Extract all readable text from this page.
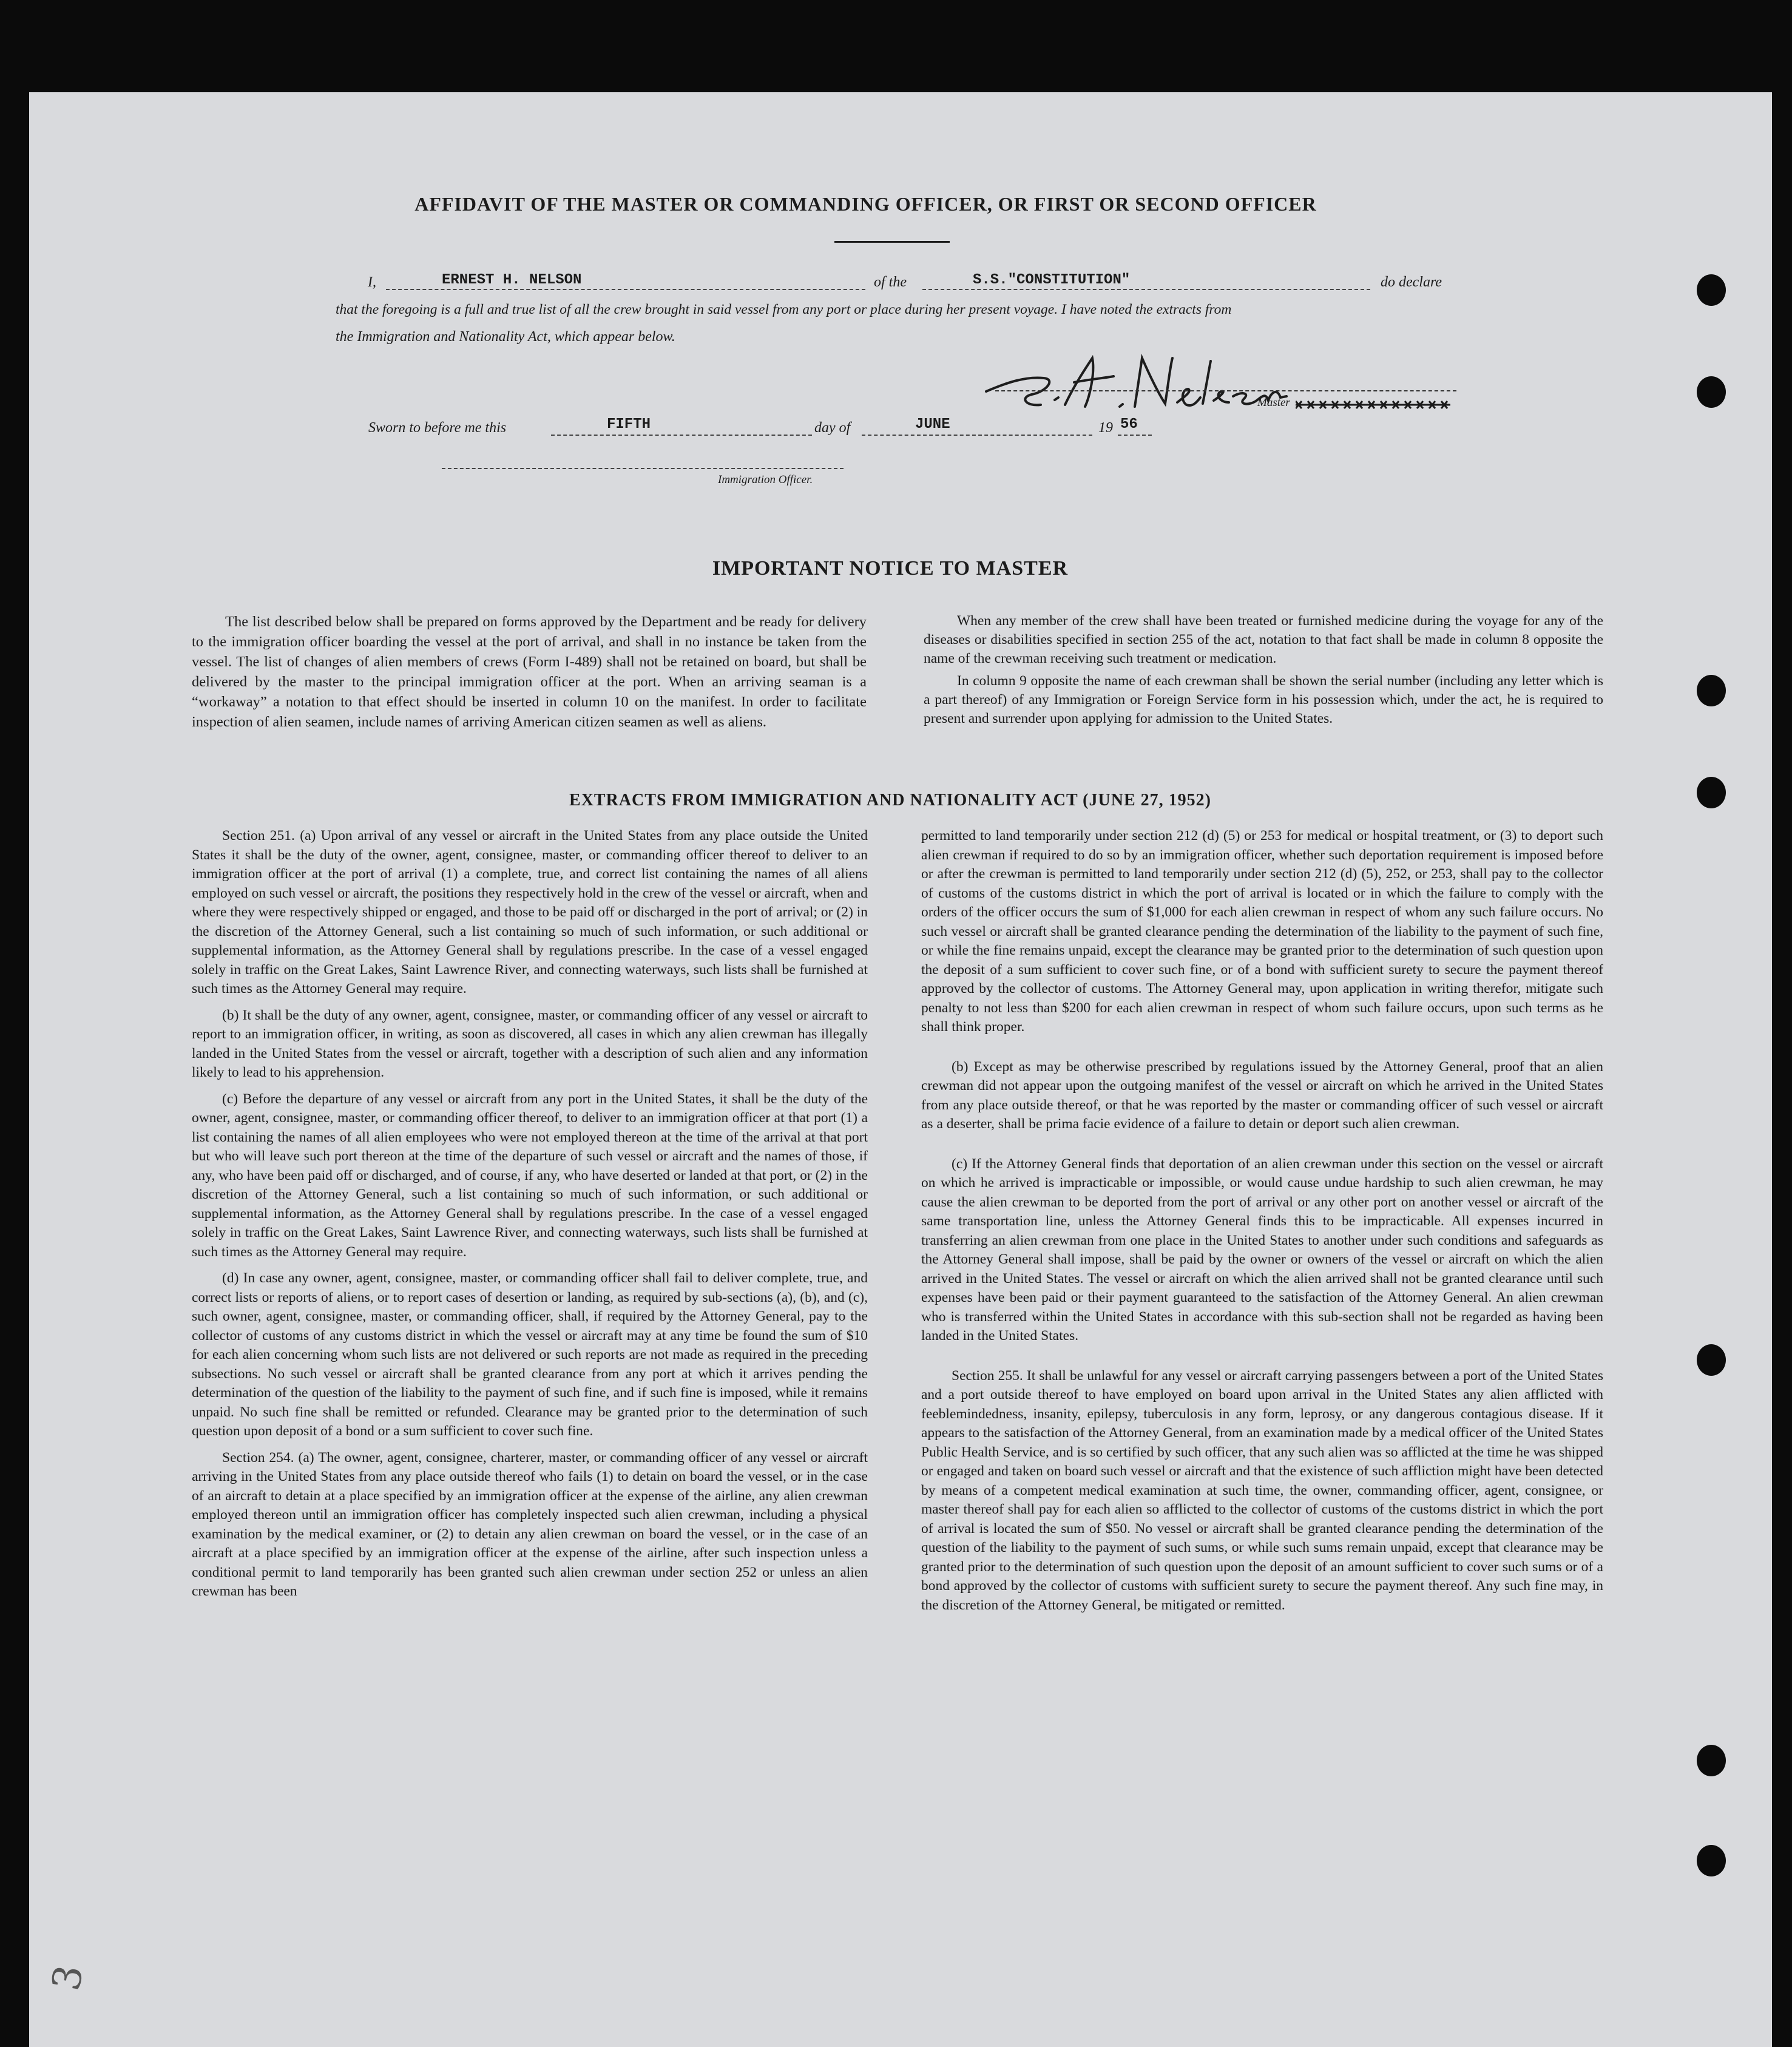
AFFIDAVIT OF THE MASTER OR COMMANDING OFFICER, OR FIRST OR SECOND OFFICER
I,	ERNEST H. NELSON	of the	S.S."CONSTITUTION"	do declare
that the foregoing is a full and true list of all the crew brought in said vessel from any port or place during her present voyage. I have noted the extracts from
the Immigration and Nationality Act, which appear below.
Master
Sworn to before me this	FIFTH	day of	JUNE	19 56
Immigration Officer.
IMPORTANT NOTICE TO MASTER

The list described below shall be prepared on forms approved by the Department and be ready for delivery to the immigration officer boarding the vessel at the port of arrival, and shall in no instance be taken from the vessel. The list of changes of alien members of crews (Form I-489) shall not be retained on board, but shall be delivered by the master to the principal immigration officer at the port. When an arriving seaman is a “workaway” a notation to that effect should be inserted in column 10 on the manifest. In order to facilitate inspection of alien seamen, include names of arriving American citizen seamen as well as aliens.

When any member of the crew shall have been treated or furnished medicine during the voyage for any of the diseases or disabilities specified in section 255 of the act, notation to that fact shall be made in column 8 opposite the name of the crewman receiving such treatment or medication.

In column 9 opposite the name of each crewman shall be shown the serial number (including any letter which is a part thereof) of any Immigration or Foreign Service form in his possession which, under the act, he is required to present and surrender upon applying for admission to the United States.

EXTRACTS FROM IMMIGRATION AND NATIONALITY ACT (JUNE 27, 1952)

Section 251. (a) Upon arrival of any vessel or aircraft in the United States from any place outside the United States it shall be the duty of the owner, agent, consignee, master, or commanding officer thereof to deliver to an immigration officer at the port of arrival (1) a complete, true, and correct list containing the names of all aliens employed on such vessel or aircraft, the positions they respectively hold in the crew of the vessel or aircraft, when and where they were respectively shipped or engaged, and those to be paid off or discharged in the port of arrival; or (2) in the discretion of the Attorney General, such a list containing so much of such information, or such additional or supplemental information, as the Attorney General shall by regulations prescribe. In the case of a vessel engaged solely in traffic on the Great Lakes, Saint Lawrence River, and connecting waterways, such lists shall be furnished at such times as the Attorney General may require.

(b) It shall be the duty of any owner, agent, consignee, master, or commanding officer of any vessel or aircraft to report to an immigration officer, in writing, as soon as discovered, all cases in which any alien crewman has illegally landed in the United States from the vessel or aircraft, together with a description of such alien and any information likely to lead to his apprehension.

(c) Before the departure of any vessel or aircraft from any port in the United States, it shall be the duty of the owner, agent, consignee, master, or commanding officer thereof, to deliver to an immigration officer at that port (1) a list containing the names of all alien employees who were not employed thereon at the time of the arrival at that port but who will leave such port thereon at the time of the departure of such vessel or aircraft and the names of those, if any, who have been paid off or discharged, and of course, if any, who have deserted or landed at that port, or (2) in the discretion of the Attorney General, such a list containing so much of such information, or such additional or supplemental information, as the Attorney General shall by regulations prescribe. In the case of a vessel engaged solely in traffic on the Great Lakes, Saint Lawrence River, and connecting waterways, such lists shall be furnished at such times as the Attorney General may require.

(d) In case any owner, agent, consignee, master, or commanding officer shall fail to deliver complete, true, and correct lists or reports of aliens, or to report cases of desertion or landing, as required by sub-sections (a), (b), and (c), such owner, agent, consignee, master, or commanding officer, shall, if required by the Attorney General, pay to the collector of customs of any customs district in which the vessel or aircraft may at any time be found the sum of $10 for each alien concerning whom such lists are not delivered or such reports are not made as required in the preceding subsections. No such vessel or aircraft shall be granted clearance from any port at which it arrives pending the determination of the question of the liability to the payment of such fine, and if such fine is imposed, while it remains unpaid. No such fine shall be remitted or refunded. Clearance may be granted prior to the determination of such question upon deposit of a bond or a sum sufficient to cover such fine.

Section 254. (a) The owner, agent, consignee, charterer, master, or commanding officer of any vessel or aircraft arriving in the United States from any place outside thereof who fails (1) to detain on board the vessel, or in the case of an aircraft to detain at a place specified by an immigration officer at the expense of the airline, any alien crewman employed thereon until an immigration officer has completely inspected such alien crewman, including a physical examination by the medical examiner, or (2) to detain any alien crewman on board the vessel, or in the case of an aircraft at a place specified by an immigration officer at the expense of the airline, after such inspection unless a conditional permit to land temporarily has been granted such alien crewman under section 252 or unless an alien crewman has been

permitted to land temporarily under section 212 (d) (5) or 253 for medical or hospital treatment, or (3) to deport such alien crewman if required to do so by an immigration officer, whether such deportation requirement is imposed before or after the crewman is permitted to land temporarily under section 212 (d) (5), 252, or 253, shall pay to the collector of customs of the customs district in which the port of arrival is located or in which the failure to comply with the orders of the officer occurs the sum of $1,000 for each alien crewman in respect of whom any such failure occurs. No such vessel or aircraft shall be granted clearance pending the determination of the liability to the payment of such fine, or while the fine remains unpaid, except the clearance may be granted prior to the determination of such question upon the deposit of a sum sufficient to cover such fine, or of a bond with sufficient surety to secure the payment thereof approved by the collector of customs. The Attorney General may, upon application in writing therefor, mitigate such penalty to not less than $200 for each alien crewman in respect of whom such failure occurs, upon such terms as he shall think proper.

(b) Except as may be otherwise prescribed by regulations issued by the Attorney General, proof that an alien crewman did not appear upon the outgoing manifest of the vessel or aircraft on which he arrived in the United States from any place outside thereof, or that he was reported by the master or commanding officer of such vessel or aircraft as a deserter, shall be prima facie evidence of a failure to detain or deport such alien crewman.

(c) If the Attorney General finds that deportation of an alien crewman under this section on the vessel or aircraft on which he arrived is impracticable or impossible, or would cause undue hardship to such alien crewman, he may cause the alien crewman to be deported from the port of arrival or any other port on another vessel or aircraft of the same transportation line, unless the Attorney General finds this to be impracticable. All expenses incurred in transferring an alien crewman from one place in the United States to another under such conditions and safeguards as the Attorney General shall impose, shall be paid by the owner or owners of the vessel or aircraft on which the alien arrived in the United States. The vessel or aircraft on which the alien arrived shall not be granted clearance until such expenses have been paid or their payment guaranteed to the satisfaction of the Attorney General. An alien crewman who is transferred within the United States in accordance with this sub-section shall not be regarded as having been landed in the United States.

Section 255. It shall be unlawful for any vessel or aircraft carrying passengers between a port of the United States and a port outside thereof to have employed on board upon arrival in the United States any alien afflicted with feeblemindedness, insanity, epilepsy, tuberculosis in any form, leprosy, or any dangerous contagious disease. If it appears to the satisfaction of the Attorney General, from an examination made by a medical officer of the United States Public Health Service, and is so certified by such officer, that any such alien was so afflicted at the time he was shipped or engaged and taken on board such vessel or aircraft and that the existence of such affliction might have been detected by means of a competent medical examination at such time, the owner, commanding officer, agent, consignee, or master thereof shall pay for each alien so afflicted to the collector of customs of the customs district in which the port of arrival is located the sum of $50. No vessel or aircraft shall be granted clearance pending the determination of the question of the liability to the payment of such sums, or while such sums remain unpaid, except that clearance may be granted prior to the determination of such question upon the deposit of an amount sufficient to cover such sums or of a bond approved by the collector of customs with sufficient surety to secure the payment thereof. Any such fine may, in the discretion of the Attorney General, be mitigated or remitted.

3
